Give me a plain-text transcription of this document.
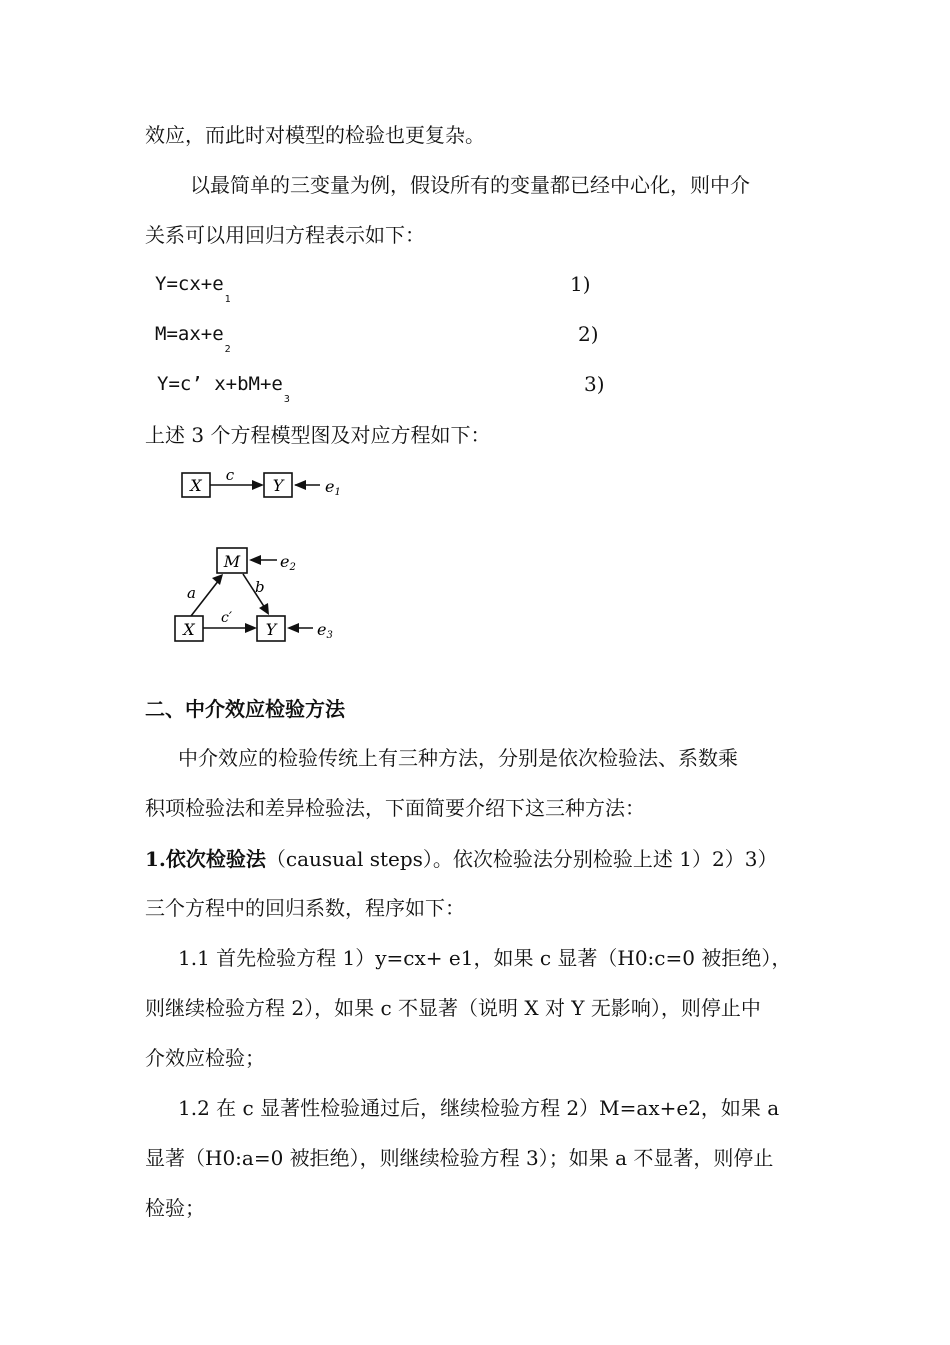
效应，而此时对模型的检验也更复杂。
以最简单的三变量为例，假设所有的变量都已经中心化，则中介
关系可以用回归方程表示如下：
$Y=cx+e_1$
1)
$M=ax+e_2$
2)
Y=c’ $x+bM+e_3$
3)
上述 3 个方程模型图及对应方程如下：
X
c
Y	e1
M e2
X	Y
a	b
c′
e3
二、中介效应检验方法
中介效应的检验传统上有三种方法，分别是依次检验法、系数乘
积项检验法和差异检验法，下面简要介绍下这三种方法：
1.依次检验法（causual steps）。依次检验法分别检验上述 1）2）3）
三个方程中的回归系数，程序如下：
1.1 首先检验方程 1）y=cx+ e1，如果 c 显著（H0:c=0 被拒绝），
则继续检验方程 2），如果 c 不显著（说明 X 对 Y 无影响），则停止中
介效应检验；
1.2 在 c 显著性检验通过后，继续检验方程 2）M=ax+e2，如果 a
显著（H0:a=0 被拒绝），则继续检验方程 3）；如果 a 不显著，则停止
检验；
